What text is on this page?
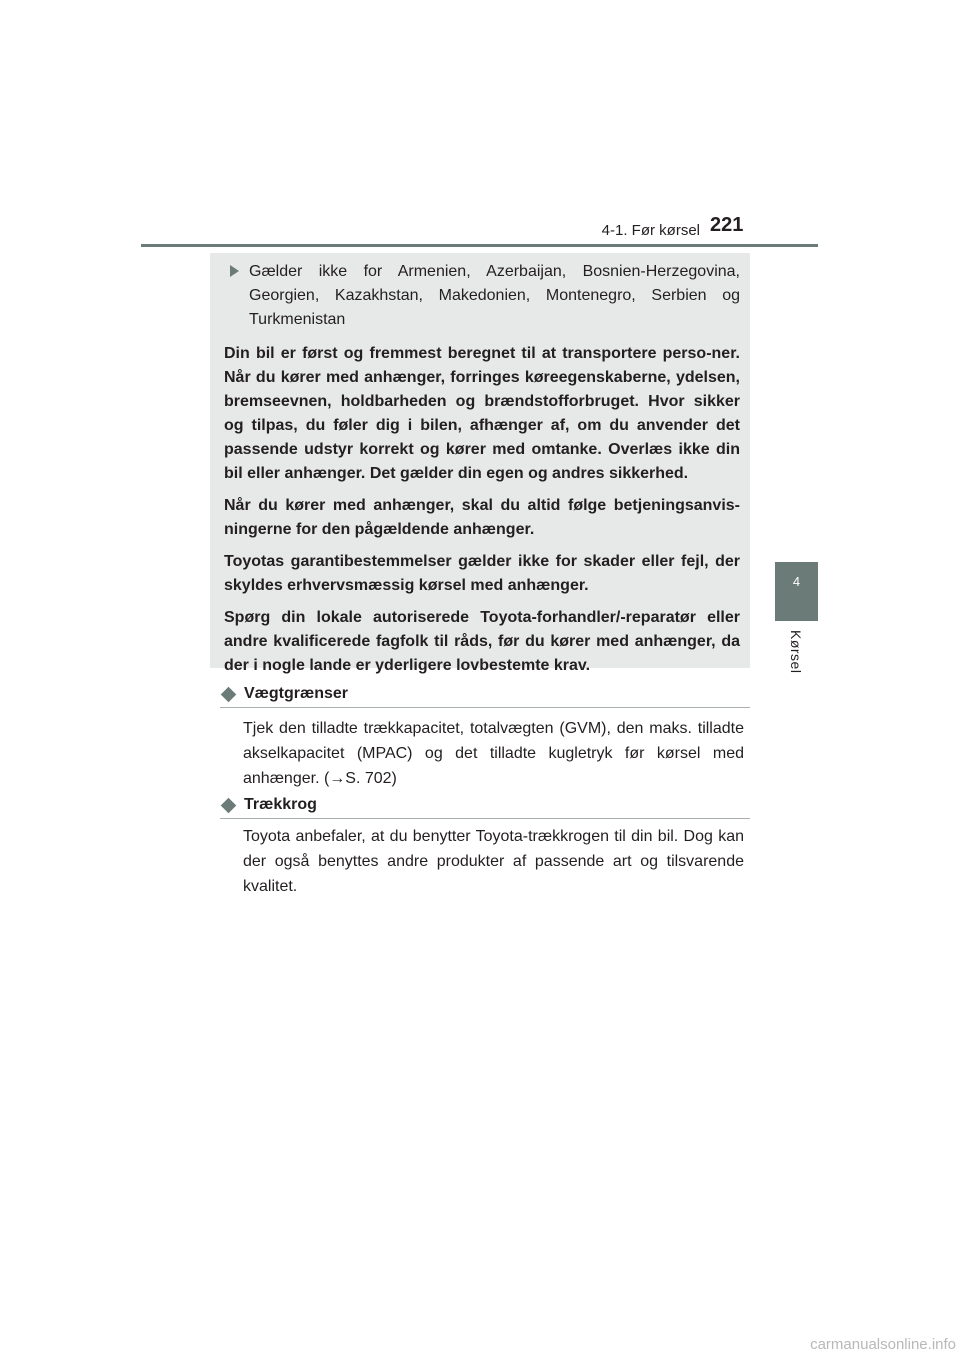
4-1. Før kørsel 221
4
Kørsel
Gælder ikke for Armenien, Azerbaijan, Bosnien-Herzegovina, Georgien, Kazakhstan, Makedonien, Montenegro, Serbien og Turkmenistan

Din bil er først og fremmest beregnet til at transportere perso-ner. Når du kører med anhænger, forringes køreegenskaberne, ydelsen, bremseevnen, holdbarheden og brændstofforbruget. Hvor sikker og tilpas, du føler dig i bilen, afhænger af, om du anvender det passende udstyr korrekt og kører med omtanke. Overlæs ikke din bil eller anhænger. Det gælder din egen og andres sikkerhed.

Når du kører med anhænger, skal du altid følge betjeningsanvis-ningerne for den pågældende anhænger.

Toyotas garantibestemmelser gælder ikke for skader eller fejl, der skyldes erhvervsmæssig kørsel med anhænger.

Spørg din lokale autoriserede Toyota-forhandler/-reparatør eller andre kvalificerede fagfolk til råds, før du kører med anhænger, da der i nogle lande er yderligere lovbestemte krav.

Vægtgrænser

Tjek den tilladte trækkapacitet, totalvægten (GVM), den maks. tilladte akselkapacitet (MPAC) og det tilladte kugletryk før kørsel med anhænger. (→S. 702)

Trækkrog

Toyota anbefaler, at du benytter Toyota-trækkrogen til din bil. Dog kan der også benyttes andre produkter af passende art og tilsvarende kvalitet.

carmanualsonline.info
